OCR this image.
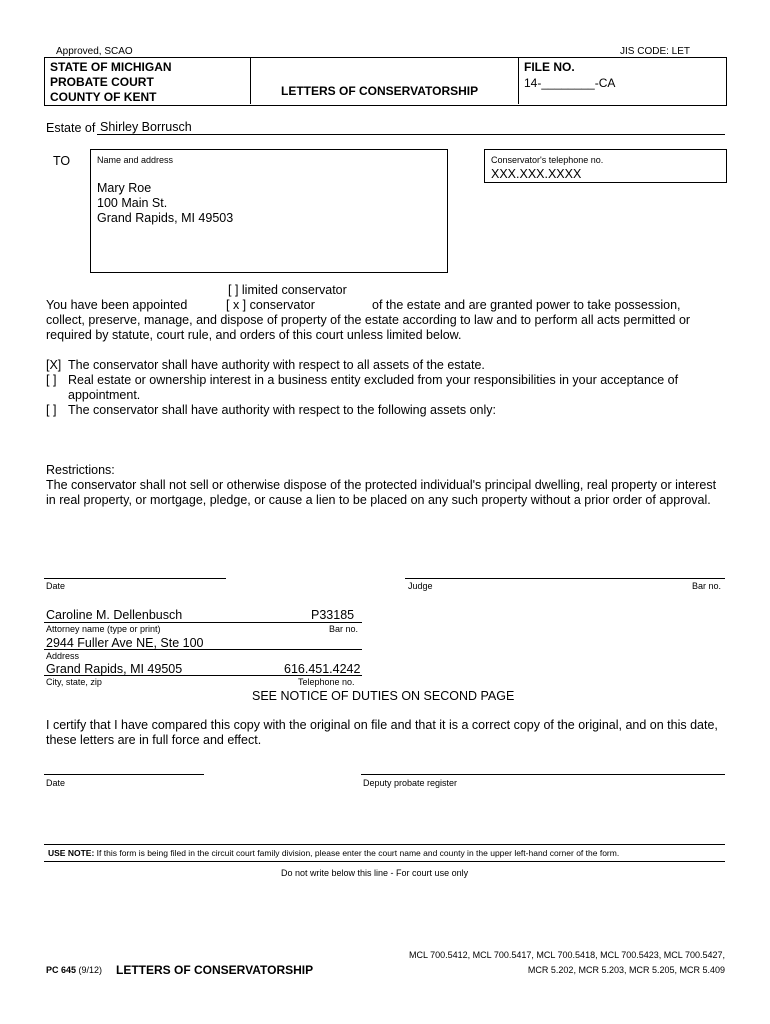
Approved, SCAO	JIS CODE: LET
STATE OF MICHIGAN
PROBATE COURT
COUNTY OF KENT	LETTERS OF CONSERVATORSHIP
FILE NO.
14-________-CA
Estate of Shirley Borrusch
TO	Name and address
Mary Roe
100 Main St.
Grand Rapids, MI 49503
Conservator's telephone no.
XXX.XXX.XXXX
[ ] limited conservator
You have been appointed	[ x ] conservator	of the estate and are granted power to take possession,
collect, preserve, manage, and dispose of property of the estate according to law and to perform all acts permitted or
required by statute, court rule, and orders of this court unless limited below.
[X] The conservator shall have authority with respect to all assets of the estate.
[ ] Real estate or ownership interest in a business entity excluded from your responsibilities in your acceptance of
appointment.
[ ] The conservator shall have authority with respect to the following assets only:
Restrictions:
The conservator shall not sell or otherwise dispose of the protected individual's principal dwelling, real property or interest
in real property, or mortgage, pledge, or cause a lien to be placed on any such property without a prior order of approval.
Date	Judge	Bar no.
Caroline M. Dellenbusch	P33185
Attorney name (type or print)	Bar no.
2944 Fuller Ave NE, Ste 100
Address
Grand Rapids, MI 49505	616.451.4242
City, state, zip	Telephone no.
SEE NOTICE OF DUTIES ON SECOND PAGE
I certify that I have compared this copy with the original on file and that it is a correct copy of the original, and on this date,
these letters are in full force and effect.
Date	Deputy probate register
USE NOTE: If this form is being filed in the circuit court family division, please enter the court name and county in the upper left-hand corner of the form.
Do not write below this line - For court use only
PC 645 (9/12) LETTERS OF CONSERVATORSHIP
MCL 700.5412, MCL 700.5417, MCL 700.5418, MCL 700.5423, MCL 700.5427,
MCR 5.202, MCR 5.203, MCR 5.205, MCR 5.409
